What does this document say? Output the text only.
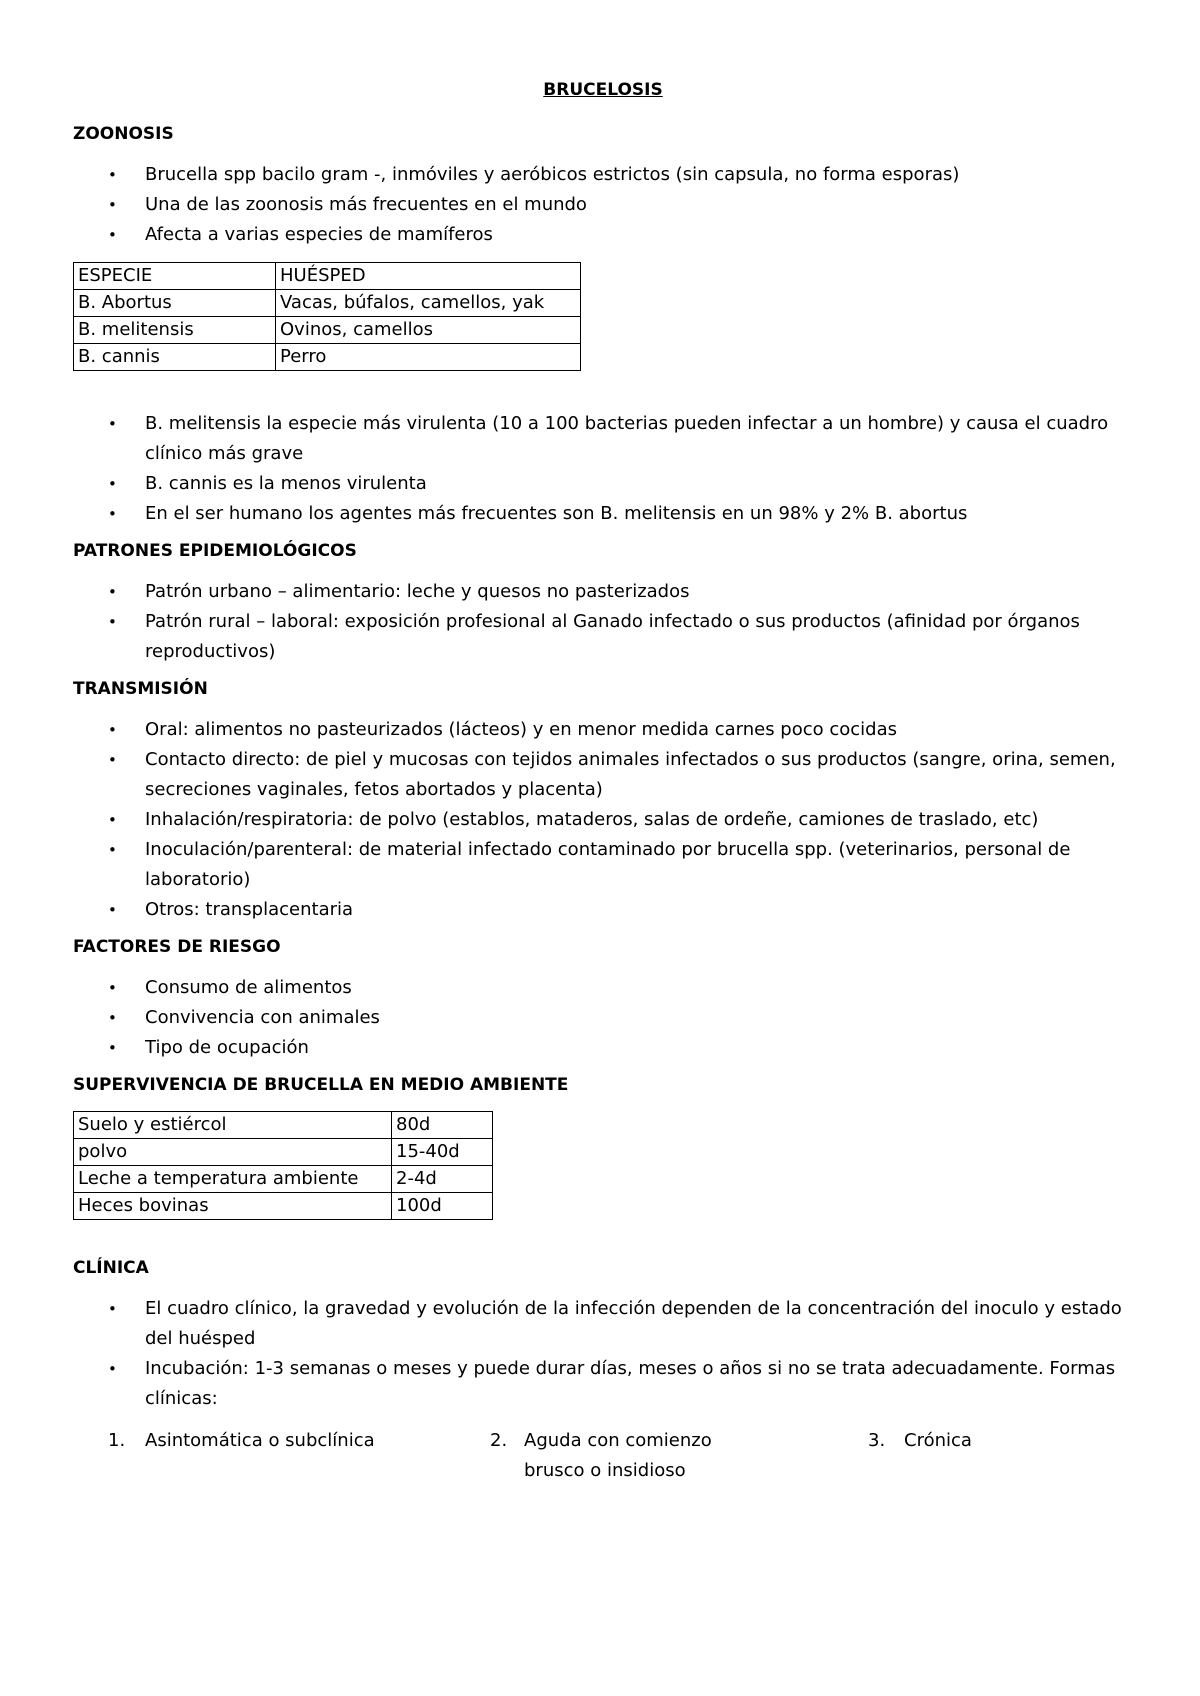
BRUCELOSIS
ZOONOSIS
•	Brucella spp bacilo gram -, inmóviles y aeróbicos estrictos (sin capsula, no forma esporas)
•	Una de las zoonosis más frecuentes en el mundo
•	Afecta a varias especies de mamíferos
ESPECIE	HUÉSPED
B. Abortus	Vacas, búfalos, camellos, yak
B. melitensis	Ovinos, camellos
B. cannis	Perro
•	B. melitensis la especie más virulenta (10 a 100 bacterias pueden infectar a un hombre) y causa el cuadro clínico más grave
•	B. cannis es la menos virulenta
•	En el ser humano los agentes más frecuentes son B. melitensis en un 98% y 2% B. abortus
PATRONES EPIDEMIOLÓGICOS
•	Patrón urbano – alimentario: leche y quesos no pasterizados
•	Patrón rural – laboral: exposición profesional al Ganado infectado o sus productos (afinidad por órganos reproductivos)
TRANSMISIÓN
•	Oral: alimentos no pasteurizados (lácteos) y en menor medida carnes poco cocidas
•	Contacto directo: de piel y mucosas con tejidos animales infectados o sus productos (sangre, orina, semen, secreciones vaginales, fetos abortados y placenta)
•	Inhalación/respiratoria: de polvo (establos, mataderos, salas de ordeñe, camiones de traslado, etc)
•	Inoculación/parenteral: de material infectado contaminado por brucella spp. (veterinarios, personal de laboratorio)
•	Otros: transplacentaria
FACTORES DE RIESGO
•	Consumo de alimentos
•	Convivencia con animales
•	Tipo de ocupación
SUPERVIVENCIA DE BRUCELLA EN MEDIO AMBIENTE
Suelo y estiércol	80d
polvo	15-40d
Leche a temperatura ambiente	2-4d
Heces bovinas	100d
CLÍNICA
•	El cuadro clínico, la gravedad y evolución de la infección dependen de la concentración del inoculo y estado del huésped
•	Incubación: 1-3 semanas o meses y puede durar días, meses o años si no se trata adecuadamente. Formas clínicas:
1. Asintomática o subclínica	2. Aguda con comienzo brusco o insidioso
3. Crónica
